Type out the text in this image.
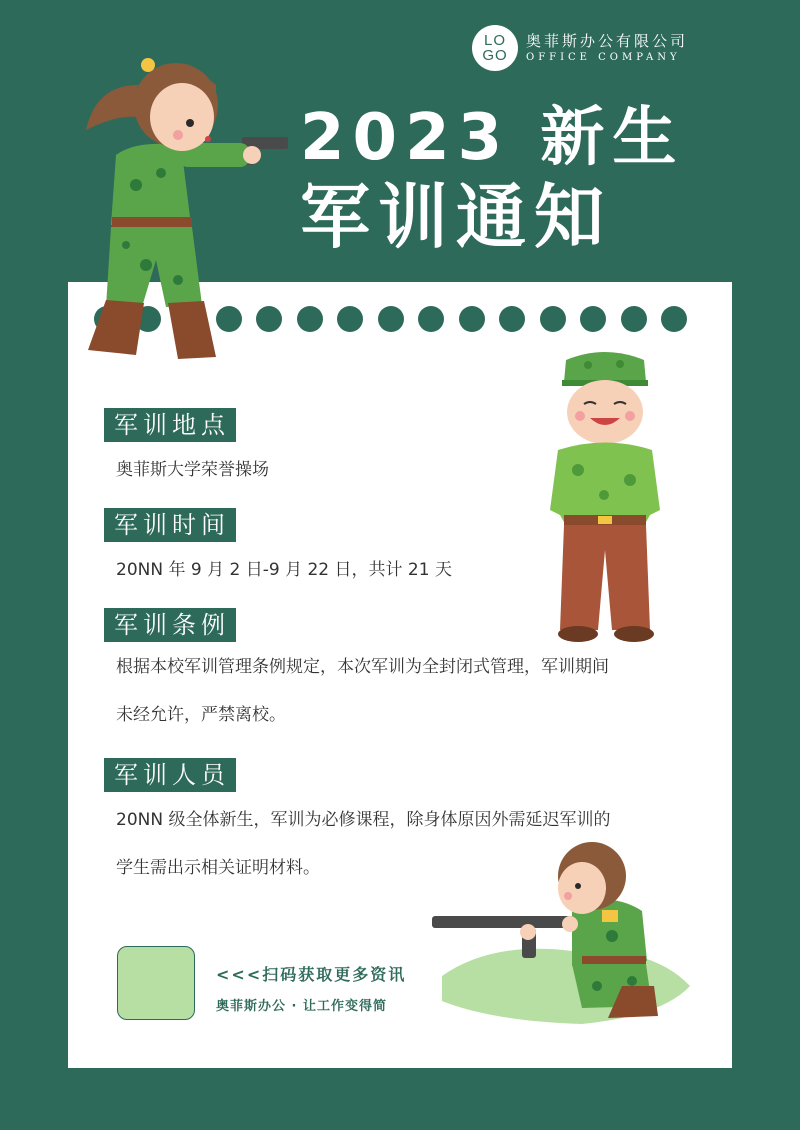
LO
GO
奥菲斯办公有限公司
OFFICE COMPANY
2023 新生
军训通知
军训地点
奥菲斯大学荣誉操场
军训时间
20NN 年 9 月 2 日-9 月 22 日，共计 21 天
军训条例
根据本校军训管理条例规定，本次军训为全封闭式管理，军训期间
未经允许，严禁离校。
军训人员
20NN 级全体新生，军训为必修课程，除身体原因外需延迟军训的
学生需出示相关证明材料。
<<<扫码获取更多资讯
奥菲斯办公 · 让工作变得简
